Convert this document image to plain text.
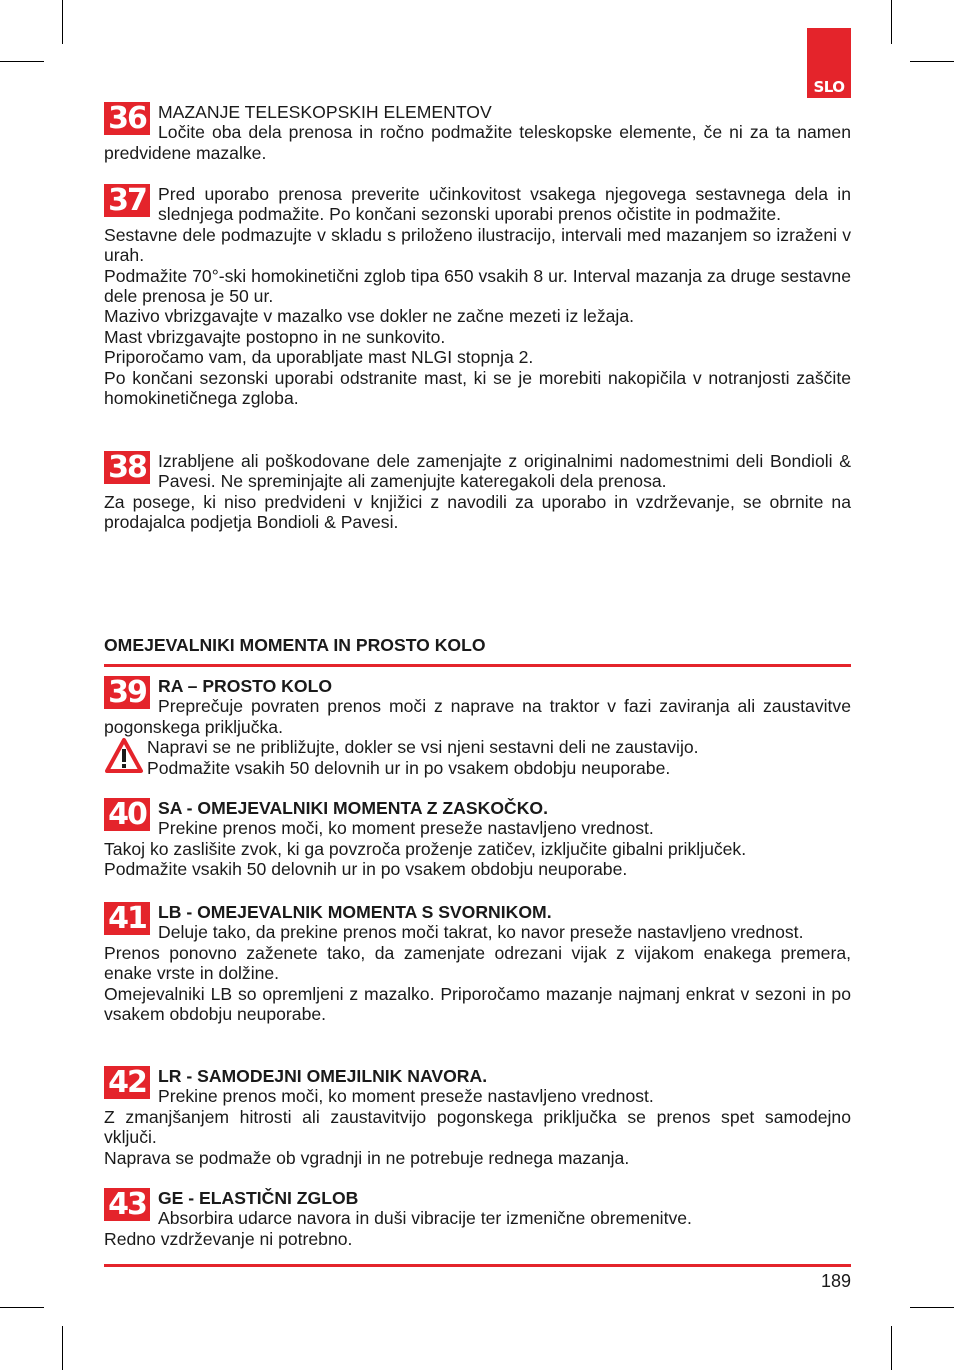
SLO
36 MAZANJE TELESKOPSKIH ELEMENTOV

Ločite oba dela prenosa in ročno podmažite teleskopske elemente, če ni za ta namen predvidene mazalke.

37 Pred uporabo prenosa preverite učinkovitost vsakega njegovega sestavnega dela in slednjega podmažite. Po končani sezonski uporabi prenos očistite in podmažite.

Sestavne dele podmazujte v skladu s priloženo ilustracijo, intervali med mazanjem so izraženi v urah.

Podmažite 70°-ski homokinetični zglob tipa 650 vsakih 8 ur. Interval mazanja za druge sestavne dele prenosa je 50 ur.

Mazivo vbrizgavajte v mazalko vse dokler ne začne mezeti iz ležaja.

Mast vbrizgavajte postopno in ne sunkovito.

Priporočamo vam, da uporabljate mast NLGI stopnja 2.

Po končani sezonski uporabi odstranite mast, ki se je morebiti nakopičila v notranjosti zaščite homokinetičnega zgloba.

38 Izrabljene ali poškodovane dele zamenjajte z originalnimi nadomestnimi deli Bondioli & Pavesi. Ne spreminjajte ali zamenjujte kateregakoli dela prenosa.

Za posege, ki niso predvideni v knjižici z navodili za uporabo in vzdrževanje, se obrnite na prodajalca podjetja Bondioli & Pavesi.

OMEJEVALNIKI MOMENTA IN PROSTO KOLO
39 RA – PROSTO KOLO

Preprečuje povraten prenos moči z naprave na traktor v fazi zaviranja ali zaustavitve pogonskega priključka.

Napravi se ne približujte, dokler se vsi njeni sestavni deli ne zaustavijo.

Podmažite vsakih 50 delovnih ur in po vsakem obdobju neuporabe.

40 SA - OMEJEVALNIKI MOMENTA Z ZASKOČKO.

Prekine prenos moči, ko moment preseže nastavljeno vrednost.

Takoj ko zaslišite zvok, ki ga povzroča proženje zatičev, izključite gibalni priključek.

Podmažite vsakih 50 delovnih ur in po vsakem obdobju neuporabe.

41 LB - OMEJEVALNIK MOMENTA S SVORNIKOM.

Deluje tako, da prekine prenos moči takrat, ko navor preseže nastavljeno vrednost.

Prenos ponovno zaženete tako, da zamenjate odrezani vijak z vijakom enakega premera, enake vrste in dolžine.

Omejevalniki LB so opremljeni z mazalko. Priporočamo mazanje najmanj enkrat v sezoni in po vsakem obdobju neuporabe.

42 LR - SAMODEJNI OMEJILNIK NAVORA.

Prekine prenos moči, ko moment preseže nastavljeno vrednost.

Z zmanjšanjem hitrosti ali zaustavitvijo pogonskega priključka se prenos spet samodejno vključi.

Naprava se podmaže ob vgradnji in ne potrebuje rednega mazanja.

43 GE - ELASTIČNI ZGLOB

Absorbira udarce navora in duši vibracije ter izmenične obremenitve.

Redno vzdrževanje ni potrebno.

189
